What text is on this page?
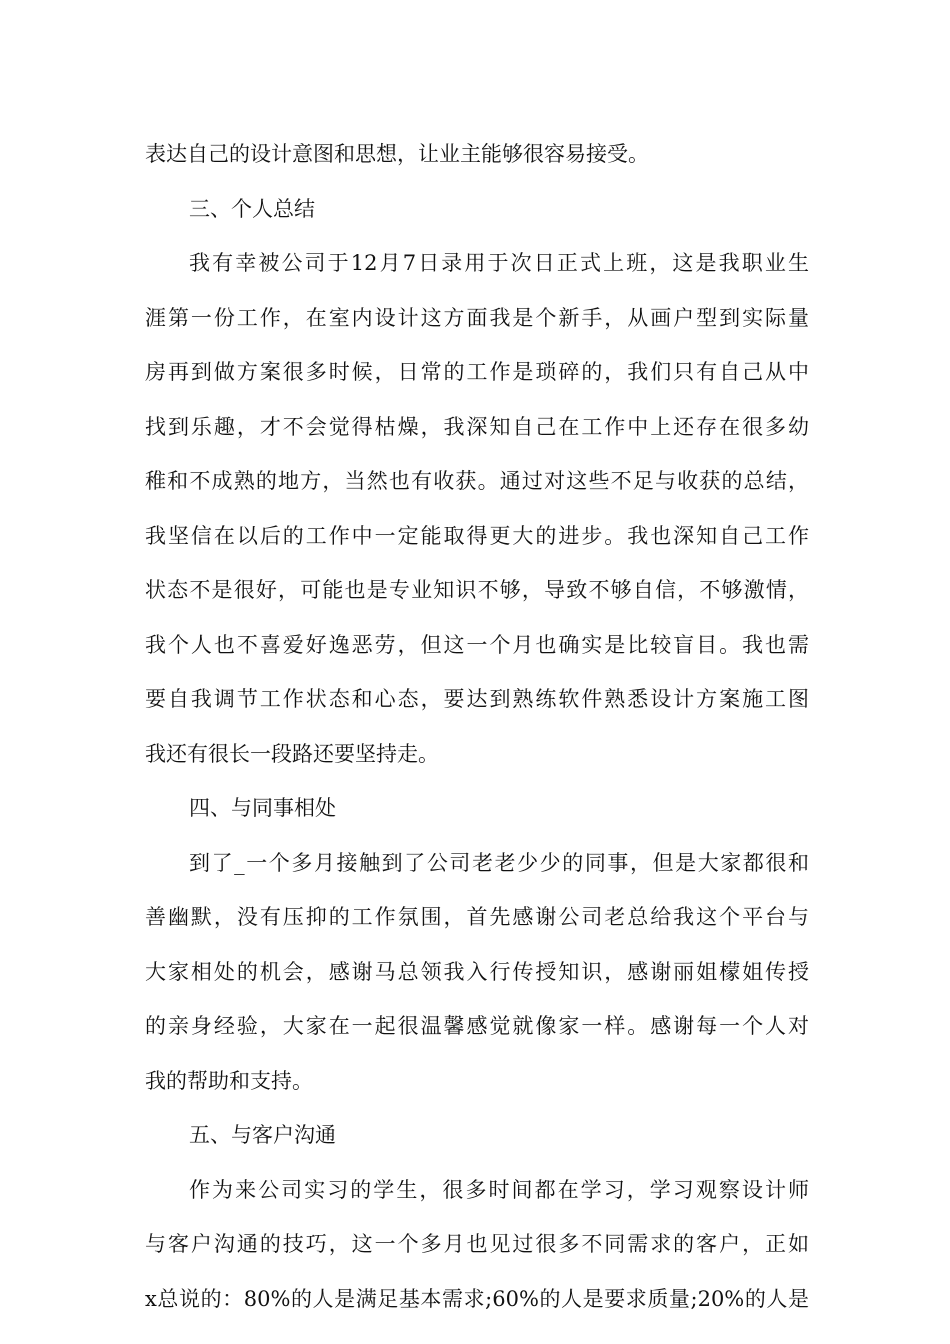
表达自己的设计意图和思想，让业主能够很容易接受。
三、个人总结
我有幸被公司于12月7日录用于次日正式上班，这是我职业生
涯第一份工作，在室内设计这方面我是个新手，从画户型到实际量
房再到做方案很多时候，日常的工作是琐碎的，我们只有自己从中
找到乐趣，才不会觉得枯燥，我深知自己在工作中上还存在很多幼
稚和不成熟的地方，当然也有收获。通过对这些不足与收获的总结，
我坚信在以后的工作中一定能取得更大的进步。我也深知自己工作
状态不是很好，可能也是专业知识不够，导致不够自信，不够激情，
我个人也不喜爱好逸恶劳，但这一个月也确实是比较盲目。我也需
要自我调节工作状态和心态，要达到熟练软件熟悉设计方案施工图
我还有很长一段路还要坚持走。
四、与同事相处
到了_一个多月接触到了公司老老少少的同事，但是大家都很和
善幽默，没有压抑的工作氛围，首先感谢公司老总给我这个平台与
大家相处的机会，感谢马总领我入行传授知识，感谢丽姐檬姐传授
的亲身经验，大家在一起很温馨感觉就像家一样。感谢每一个人对
我的帮助和支持。
五、与客户沟通
作为来公司实习的学生，很多时间都在学习，学习观察设计师
与客户沟通的技巧，这一个多月也见过很多不同需求的客户，正如
x总说的：80%的人是满足基本需求;60%的人是要求质量;20%的人是
